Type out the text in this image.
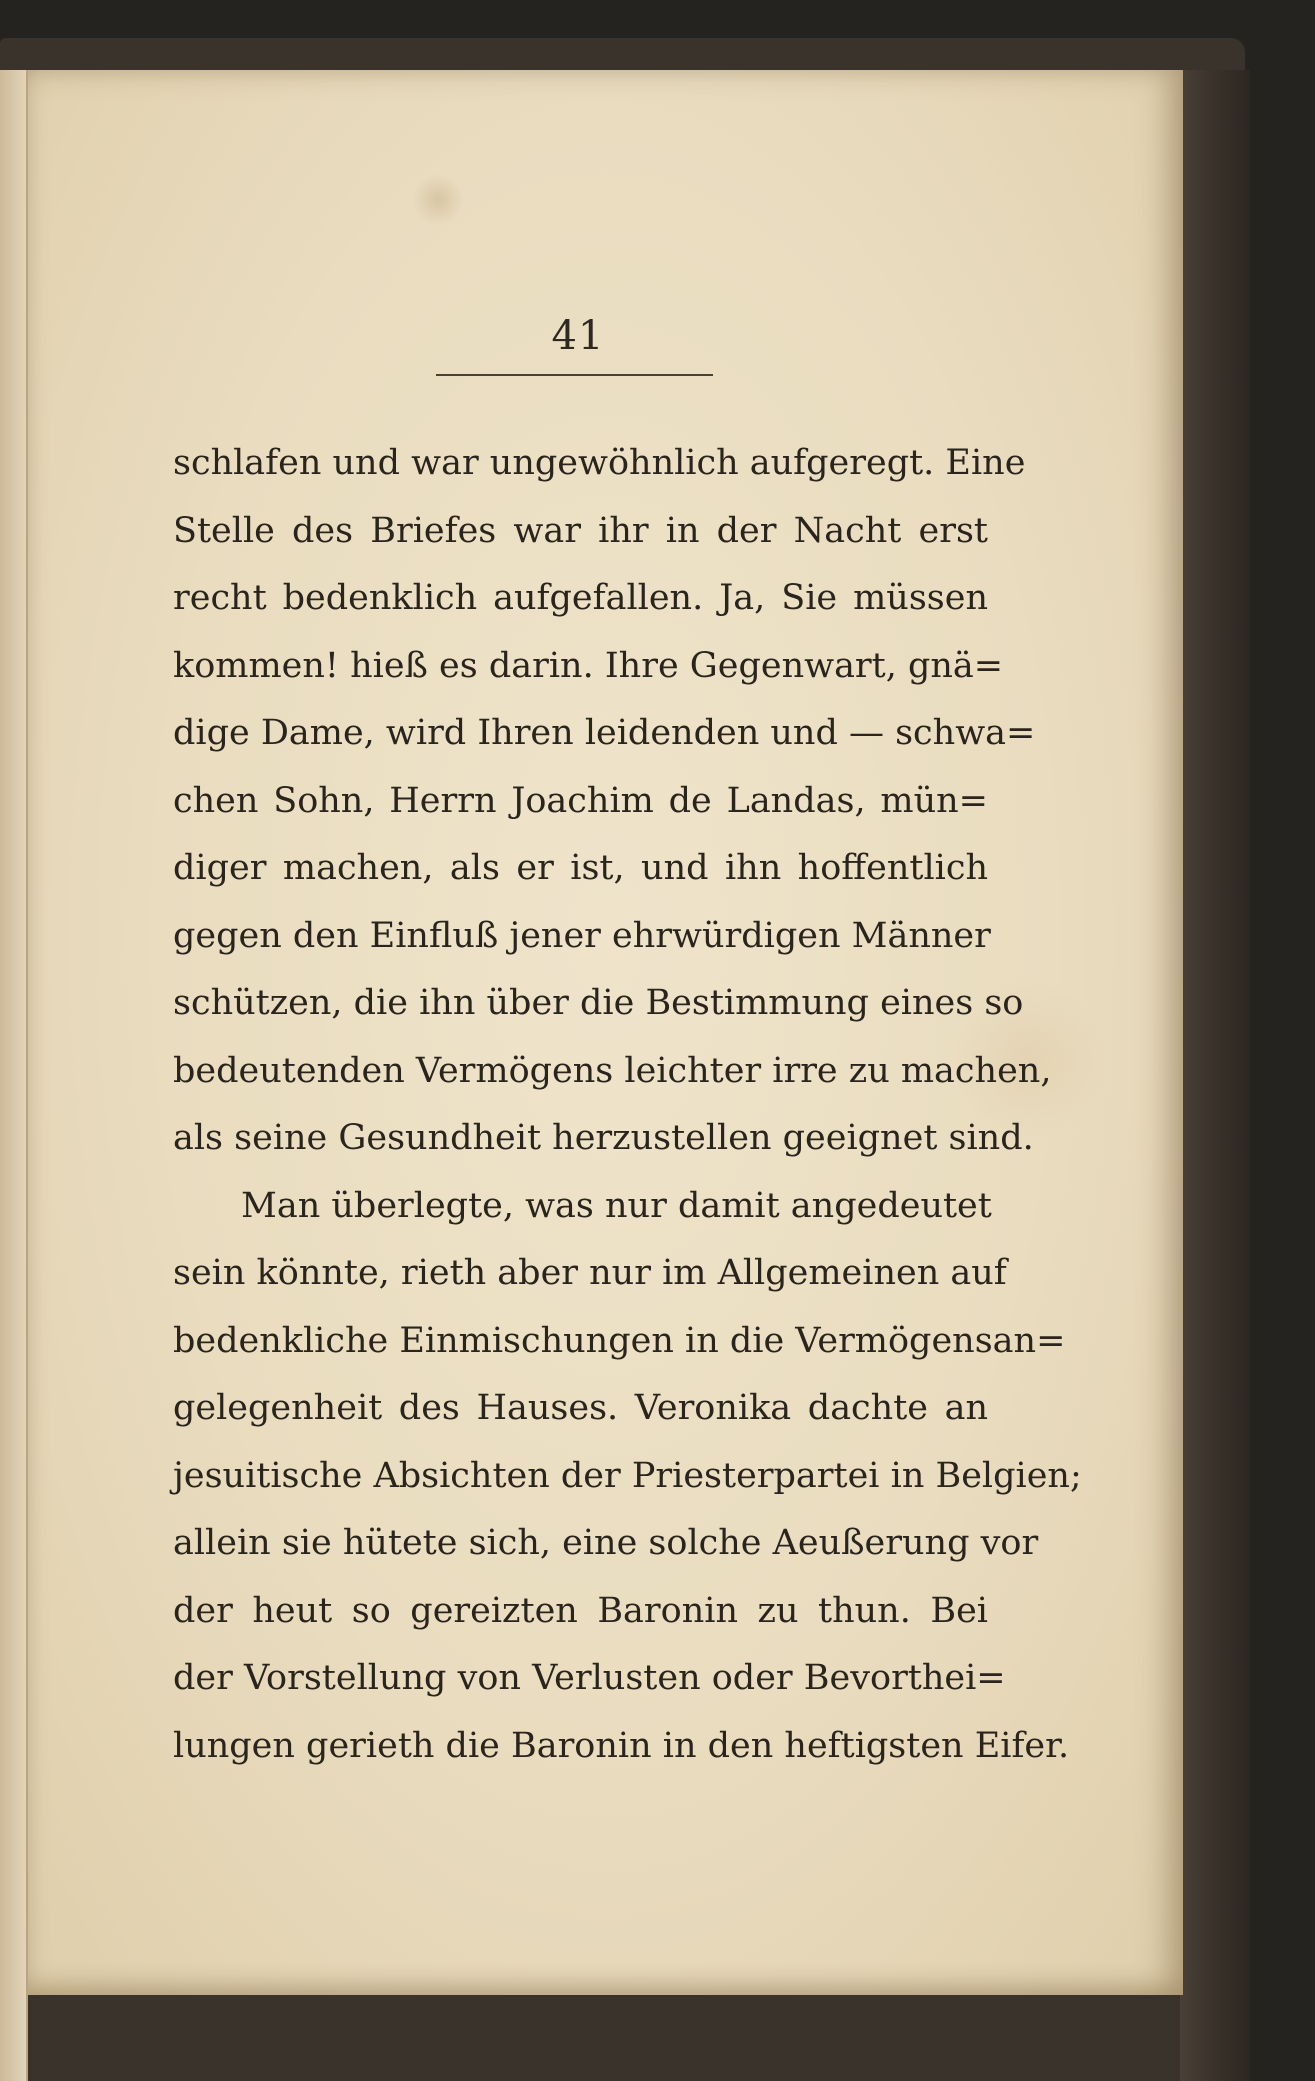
41
schlafen und war ungewöhnlich aufgeregt. Eine
Stelle des Briefes war ihr in der Nacht erst
recht bedenklich aufgefallen. Ja, Sie müssen
kommen! hieß es darin. Ihre Gegenwart, gnä=
dige Dame, wird Ihren leidenden und — schwa=
chen Sohn, Herrn Joachim de Landas, mün=
diger machen, als er ist, und ihn hoffentlich
gegen den Einfluß jener ehrwürdigen Männer
schützen, die ihn über die Bestimmung eines so
bedeutenden Vermögens leichter irre zu machen,
als seine Gesundheit herzustellen geeignet sind.
Man überlegte, was nur damit angedeutet
sein könnte, rieth aber nur im Allgemeinen auf
bedenkliche Einmischungen in die Vermögensan=
gelegenheit des Hauses. Veronika dachte an
jesuitische Absichten der Priesterpartei in Belgien;
allein sie hütete sich, eine solche Aeußerung vor
der heut so gereizten Baronin zu thun. Bei
der Vorstellung von Verlusten oder Bevorthei=
lungen gerieth die Baronin in den heftigsten Eifer.
